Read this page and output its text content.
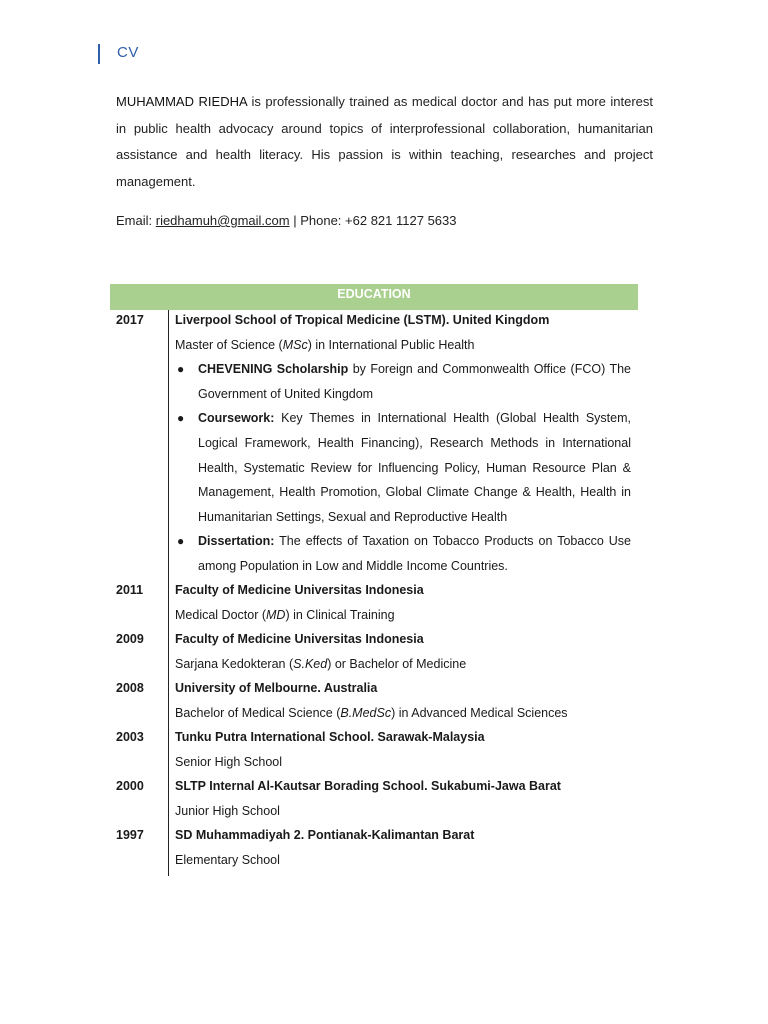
CV
MUHAMMAD RIEDHA is professionally trained as medical doctor and has put more interest in public health advocacy around topics of interprofessional collaboration, humanitarian assistance and health literacy. His passion is within teaching, researches and project management.
Email: riedhamuh@gmail.com | Phone: +62 821 1127 5633
EDUCATION
2017 Liverpool School of Tropical Medicine (LSTM). United Kingdom
Master of Science (MSc) in International Public Health
● CHEVENING Scholarship by Foreign and Commonwealth Office (FCO) The Government of United Kingdom
● Coursework: Key Themes in International Health (Global Health System, Logical Framework, Health Financing), Research Methods in International Health, Systematic Review for Influencing Policy, Human Resource Plan & Management, Health Promotion, Global Climate Change & Health, Health in Humanitarian Settings, Sexual and Reproductive Health
● Dissertation: The effects of Taxation on Tobacco Products on Tobacco Use among Population in Low and Middle Income Countries.
2011	Faculty of Medicine Universitas Indonesia
Medical Doctor (MD) in Clinical Training
2009 Faculty of Medicine Universitas Indonesia
Sarjana Kedokteran (S.Ked) or Bachelor of Medicine
2008 University of Melbourne. Australia
Bachelor of Medical Science (B.MedSc) in Advanced Medical Sciences
2003 Tunku Putra International School. Sarawak-Malaysia
Senior High School
2000 SLTP Internal Al-Kautsar Borading School. Sukabumi-Jawa Barat
Junior High School
1997 SD Muhammadiyah 2. Pontianak-Kalimantan Barat
Elementary School
